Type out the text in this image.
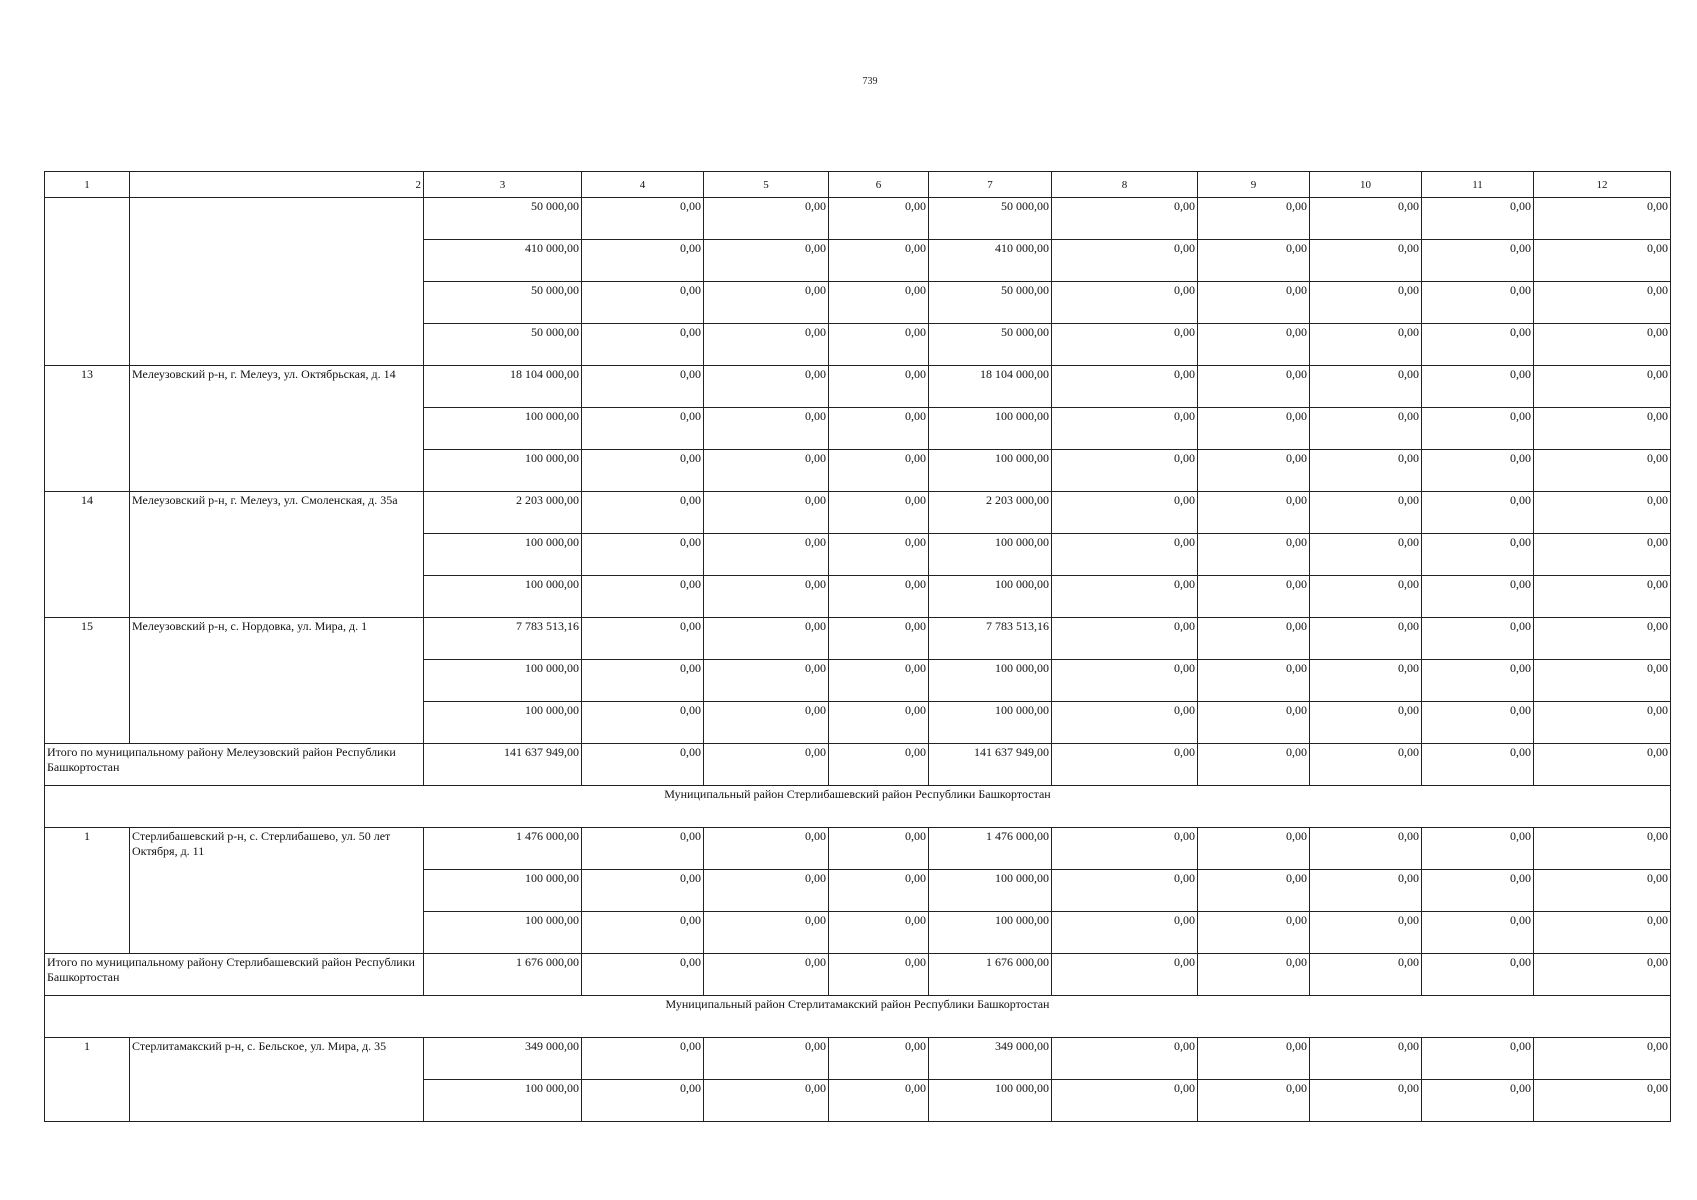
739
1	2	3	4	5	6	7	8	9	10	11	12
		50 000,00	0,00	0,00	0,00	50 000,00	0,00	0,00	0,00	0,00	0,00
		410 000,00	0,00	0,00	0,00	410 000,00	0,00	0,00	0,00	0,00	0,00
		50 000,00	0,00	0,00	0,00	50 000,00	0,00	0,00	0,00	0,00	0,00
		50 000,00	0,00	0,00	0,00	50 000,00	0,00	0,00	0,00	0,00	0,00
13	Мелеузовский р-н, г. Мелеуз, ул. Октябрьская, д. 14	18 104 000,00	0,00	0,00	0,00	18 104 000,00	0,00	0,00	0,00	0,00	0,00
		100 000,00	0,00	0,00	0,00	100 000,00	0,00	0,00	0,00	0,00	0,00
		100 000,00	0,00	0,00	0,00	100 000,00	0,00	0,00	0,00	0,00	0,00
14	Мелеузовский р-н, г. Мелеуз, ул. Смоленская, д. 35а	2 203 000,00	0,00	0,00	0,00	2 203 000,00	0,00	0,00	0,00	0,00	0,00
		100 000,00	0,00	0,00	0,00	100 000,00	0,00	0,00	0,00	0,00	0,00
		100 000,00	0,00	0,00	0,00	100 000,00	0,00	0,00	0,00	0,00	0,00
15	Мелеузовский р-н, с. Нордовка, ул. Мира, д. 1	7 783 513,16	0,00	0,00	0,00	7 783 513,16	0,00	0,00	0,00	0,00	0,00
		100 000,00	0,00	0,00	0,00	100 000,00	0,00	0,00	0,00	0,00	0,00
		100 000,00	0,00	0,00	0,00	100 000,00	0,00	0,00	0,00	0,00	0,00
Итого по муниципальному району Мелеузовский район Республики Башкортостан		141 637 949,00	0,00	0,00	0,00	141 637 949,00	0,00	0,00	0,00	0,00	0,00
Муниципальный район Стерлибашевский район Республики Башкортостан											
1	Стерлибашевский р-н, с. Стерлибашево, ул. 50 лет Октября, д. 11	1 476 000,00	0,00	0,00	0,00	1 476 000,00	0,00	0,00	0,00	0,00	0,00
		100 000,00	0,00	0,00	0,00	100 000,00	0,00	0,00	0,00	0,00	0,00
		100 000,00	0,00	0,00	0,00	100 000,00	0,00	0,00	0,00	0,00	0,00
Итого по муниципальному району Стерлибашевский район Республики Башкортостан		1 676 000,00	0,00	0,00	0,00	1 676 000,00	0,00	0,00	0,00	0,00	0,00
Муниципальный район Стерлитамакский район Республики Башкортостан											
1	Стерлитамакский р-н, с. Бельское, ул. Мира, д. 35	349 000,00	0,00	0,00	0,00	349 000,00	0,00	0,00	0,00	0,00	0,00
		100 000,00	0,00	0,00	0,00	100 000,00	0,00	0,00	0,00	0,00	0,00
